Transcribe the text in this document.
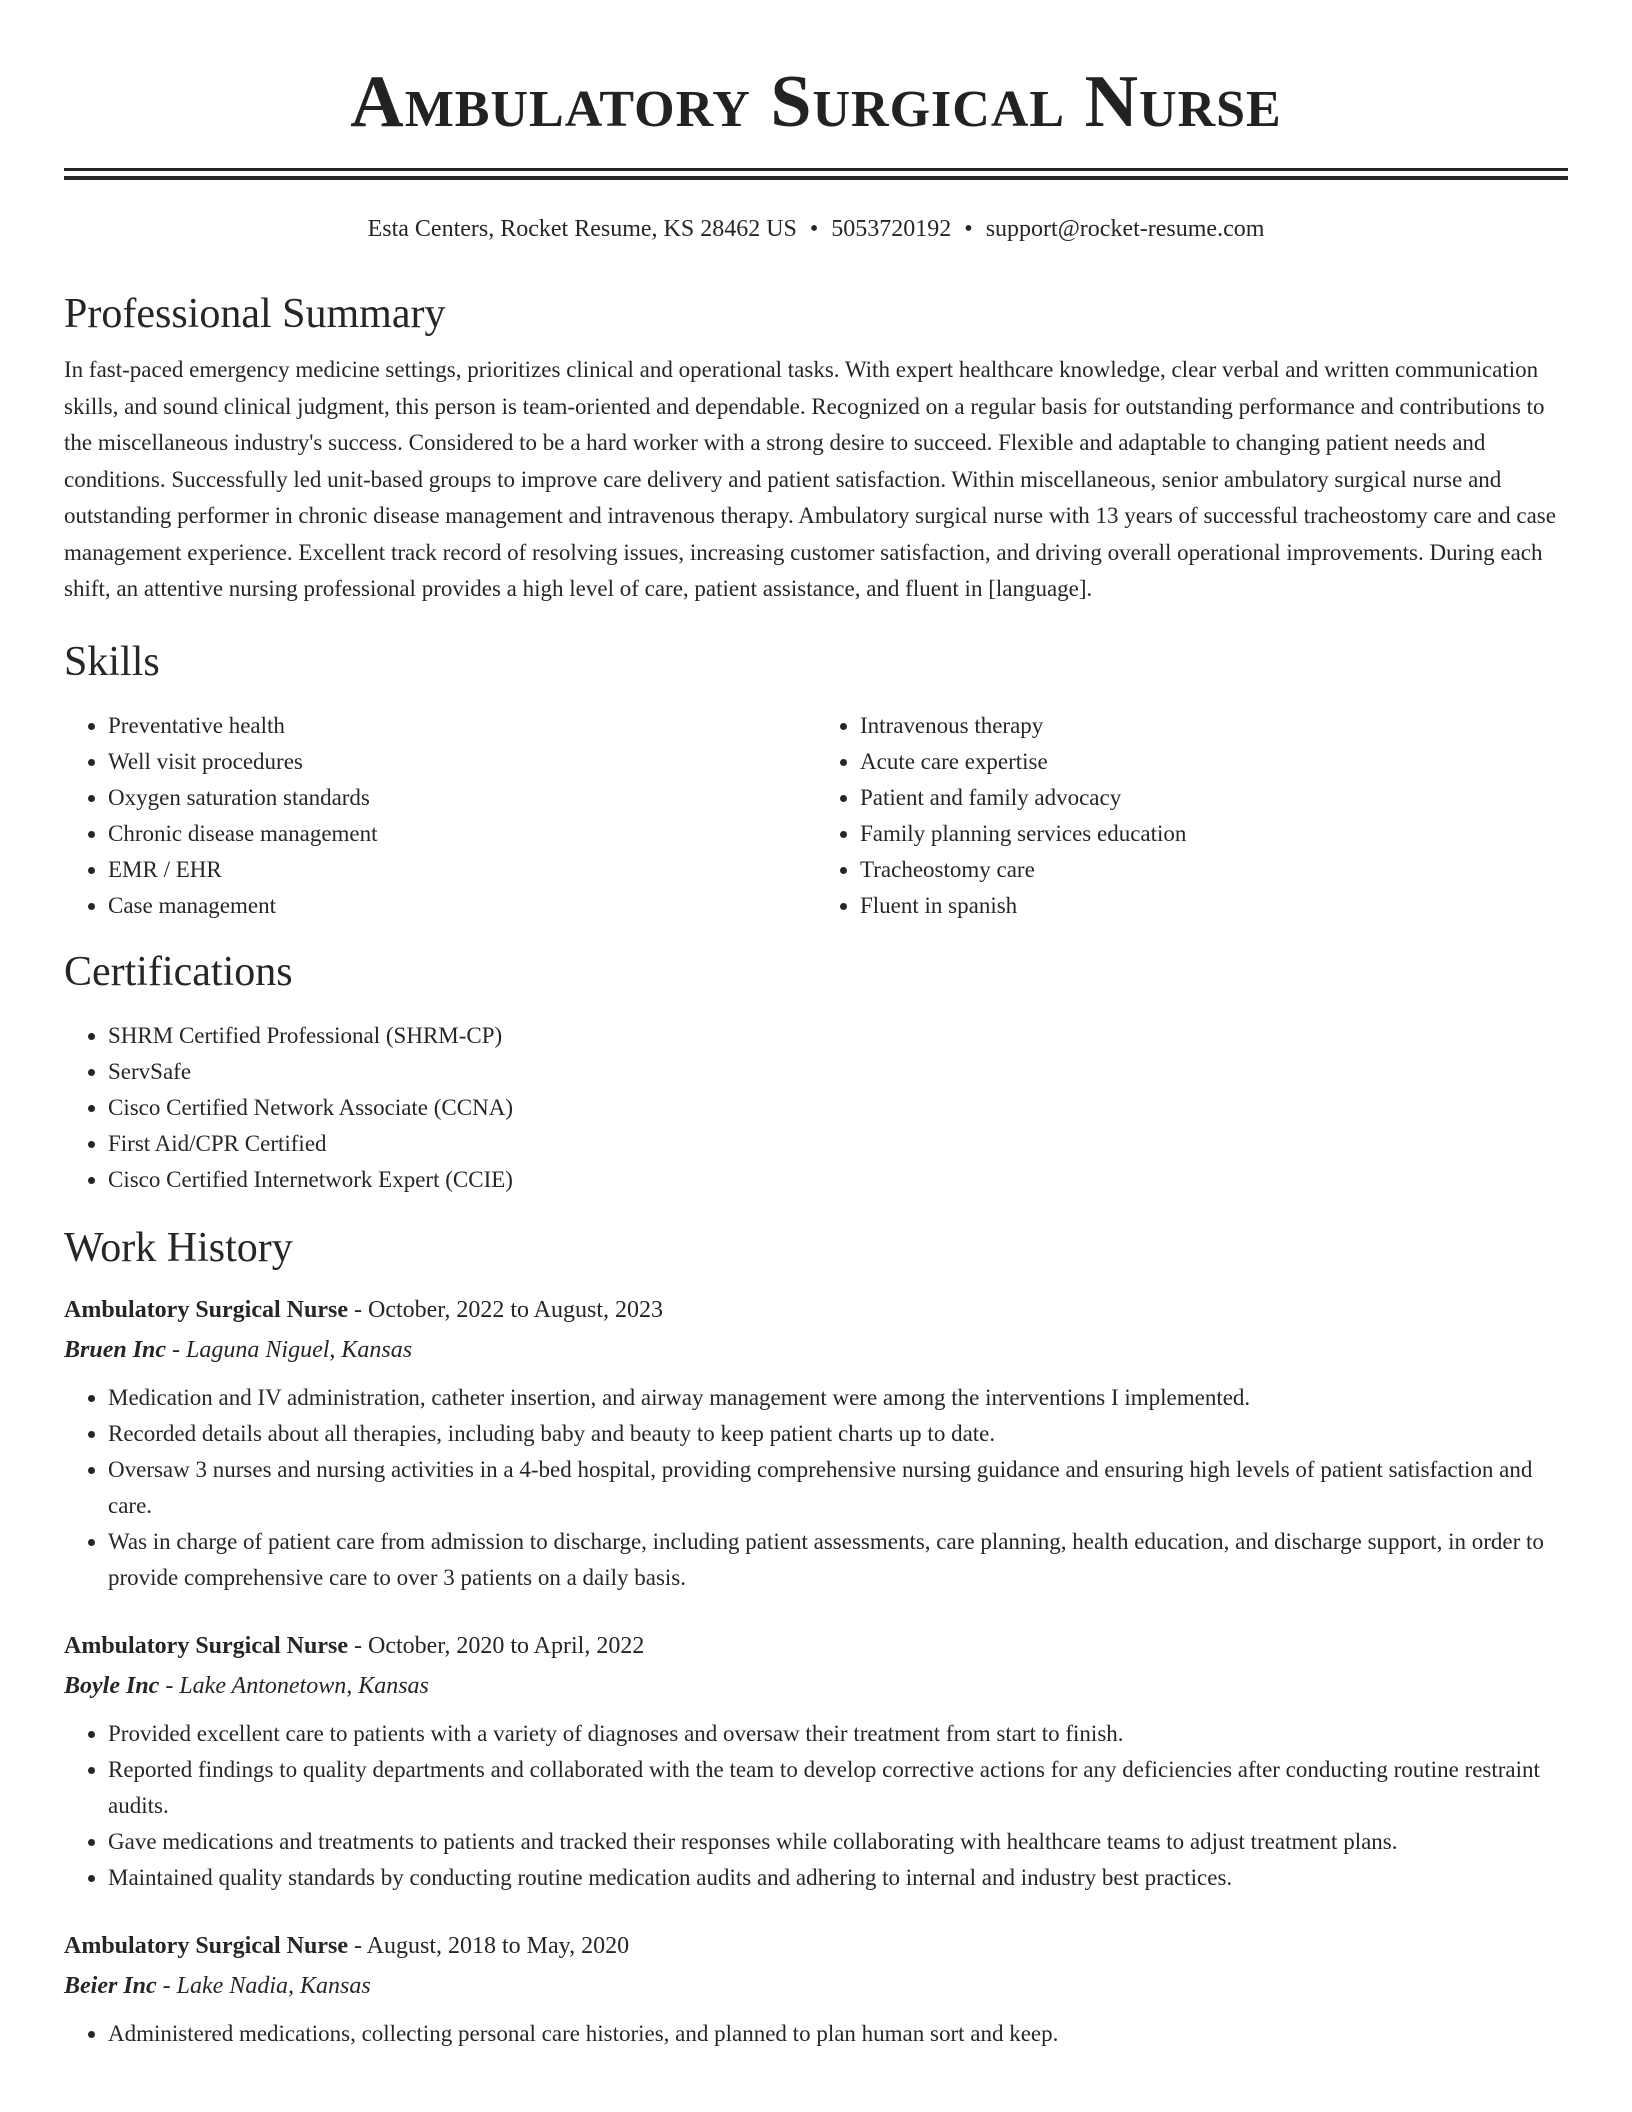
Ambulatory Surgical Nurse
Esta Centers, Rocket Resume, KS 28462 US • 5053720192 • support@rocket-resume.com
Professional Summary

In fast-paced emergency medicine settings, prioritizes clinical and operational tasks. With expert healthcare knowledge, clear verbal and written communication skills, and sound clinical judgment, this person is team-oriented and dependable. Recognized on a regular basis for outstanding performance and contributions to the miscellaneous industry's success. Considered to be a hard worker with a strong desire to succeed. Flexible and adaptable to changing patient needs and conditions. Successfully led unit-based groups to improve care delivery and patient satisfaction. Within miscellaneous, senior ambulatory surgical nurse and outstanding performer in chronic disease management and intravenous therapy. Ambulatory surgical nurse with 13 years of successful tracheostomy care and case management experience. Excellent track record of resolving issues, increasing customer satisfaction, and driving overall operational improvements. During each shift, an attentive nursing professional provides a high level of care, patient assistance, and fluent in [language].

Skills
• Preventative health
• Well visit procedures
• Oxygen saturation standards
• Chronic disease management
• EMR / EHR
• Case management
• Intravenous therapy
• Acute care expertise
• Patient and family advocacy
• Family planning services education
• Tracheostomy care
• Fluent in spanish
Certifications
• SHRM Certified Professional (SHRM-CP)
• ServSafe
• Cisco Certified Network Associate (CCNA)
• First Aid/CPR Certified
• Cisco Certified Internetwork Expert (CCIE)
Work History
Ambulatory Surgical Nurse - October, 2022 to August, 2023
Bruen Inc - Laguna Niguel, Kansas
• Medication and IV administration, catheter insertion, and airway management were among the interventions I implemented.
• Recorded details about all therapies, including baby and beauty to keep patient charts up to date.
• Oversaw 3 nurses and nursing activities in a 4-bed hospital, providing comprehensive nursing guidance and ensuring high levels of patient satisfaction and care.
• Was in charge of patient care from admission to discharge, including patient assessments, care planning, health education, and discharge support, in order to provide comprehensive care to over 3 patients on a daily basis.
Ambulatory Surgical Nurse - October, 2020 to April, 2022
Boyle Inc - Lake Antonetown, Kansas
• Provided excellent care to patients with a variety of diagnoses and oversaw their treatment from start to finish.
• Reported findings to quality departments and collaborated with the team to develop corrective actions for any deficiencies after conducting routine restraint audits.
• Gave medications and treatments to patients and tracked their responses while collaborating with healthcare teams to adjust treatment plans.
• Maintained quality standards by conducting routine medication audits and adhering to internal and industry best practices.
Ambulatory Surgical Nurse - August, 2018 to May, 2020
Beier Inc - Lake Nadia, Kansas
• Administered medications, collecting personal care histories, and planned to plan human sort and keep.
